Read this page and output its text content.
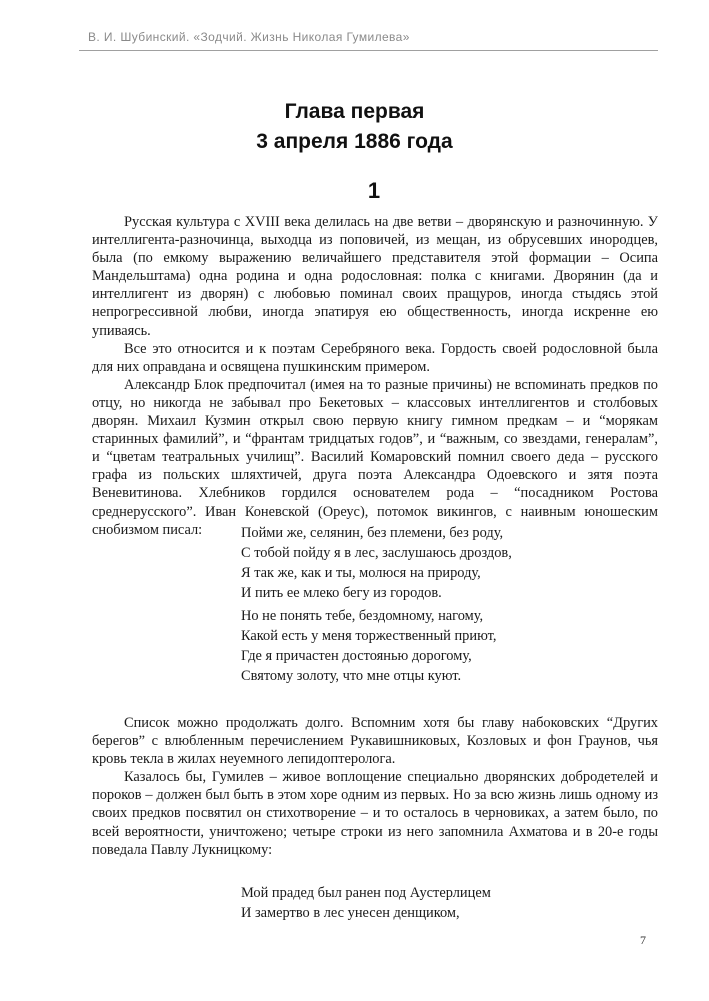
В. И. Шубинский. «Зодчий. Жизнь Николая Гумилева»
Глава первая
3 апреля 1886 года
1

Русская культура с XVIII века делилась на две ветви – дворянскую и разночинную. У интеллигента-разночинца, выходца из поповичей, из мещан, из обрусевших инородцев, была (по емкому выражению величайшего представителя этой формации – Осипа Мандельштама) одна родина и одна родословная: полка с книгами. Дворянин (да и интеллигент из дворян) с любовью поминал своих пращуров, иногда стыдясь этой непрогрессивной любви, иногда эпатируя ею общественность, иногда искренне ею упиваясь.

Все это относится и к поэтам Серебряного века. Гордость своей родословной была для них оправдана и освящена пушкинским примером.

Александр Блок предпочитал (имея на то разные причины) не вспоминать предков по отцу, но никогда не забывал про Бекетовых – классовых интеллигентов и столбовых дворян. Михаил Кузмин открыл свою первую книгу гимном предкам – и “морякам старинных фамилий”, и “франтам тридцатых годов”, и “важным, со звездами, генералам”, и “цветам театральных училищ”. Василий Комаровский помнил своего деда – русского графа из польских шляхтичей, друга поэта Александра Одоевского и зятя поэта Веневитинова. Хлебников гордился основателем рода – “посадником Ростова среднерусского”. Иван Коневской (Ореус), потомок викингов, с наивным юношеским снобизмом писал:	Пойми же, селянин, без племени, без роду,
С тобой пойду я в лес, заслушаюсь дроздов,
Я так же, как и ты, молюся на природу,
И пить ее млеко бегу из городов.
Но не понять тебе, бездомному, нагому,
Какой есть у меня торжественный приют,
Где я причастен достоянью дорогому,
Святому золоту, что мне отцы куют.

Список можно продолжать долго. Вспомним хотя бы главу набоковских “Других берегов” с влюбленным перечислением Рукавишниковых, Козловых и фон Граунов, чья кровь текла в жилах неуемного лепидоптеролога.

Казалось бы, Гумилев – живое воплощение специально дворянских добродетелей и пороков – должен был быть в этом хоре одним из первых. Но за всю жизнь лишь одному из своих предков посвятил он стихотворение – и то осталось в черновиках, а затем было, по всей вероятности, уничтожено; четыре строки из него запомнила Ахматова и в 20-е годы поведала Павлу Лукницкому:

Мой прадед был ранен под Аустерлицем
И замертво в лес унесен денщиком,
7
